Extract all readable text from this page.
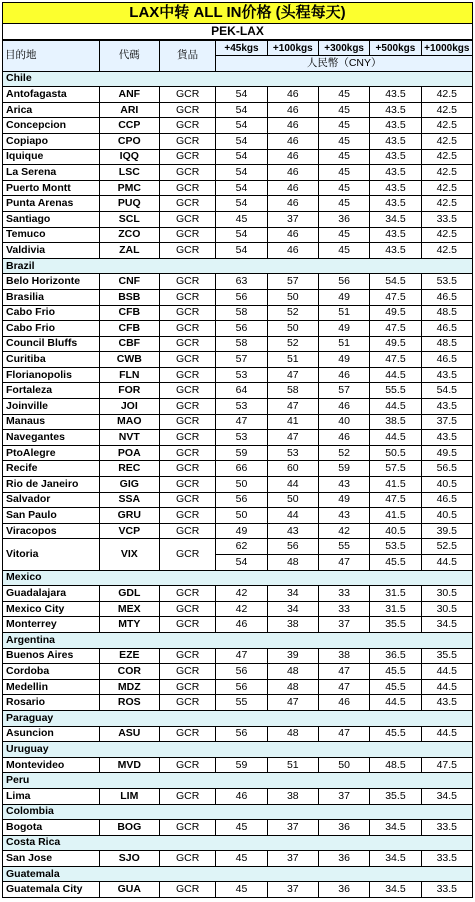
LAX中转 ALL IN价格 (头程每天)
PEK-LAX
目的地	代碼	貨品	+45kgs	+100kgs	+300kgs	+500kgs	+1000kgs
			人民幣（CNY）				
Chile							
Antofagasta	ANF	GCR	54	46	45	43.5	42.5
Arica	ARI	GCR	54	46	45	43.5	42.5
Concepcion	CCP	GCR	54	46	45	43.5	42.5
Copiapo	CPO	GCR	54	46	45	43.5	42.5
Iquique	IQQ	GCR	54	46	45	43.5	42.5
La Serena	LSC	GCR	54	46	45	43.5	42.5
Puerto Montt	PMC	GCR	54	46	45	43.5	42.5
Punta Arenas	PUQ	GCR	54	46	45	43.5	42.5
Santiago	SCL	GCR	45	37	36	34.5	33.5
Temuco	ZCO	GCR	54	46	45	43.5	42.5
Valdivia	ZAL	GCR	54	46	45	43.5	42.5
Brazil							
Belo Horizonte	CNF	GCR	63	57	56	54.5	53.5
Brasilia	BSB	GCR	56	50	49	47.5	46.5
Cabo Frio	CFB	GCR	58	52	51	49.5	48.5
Cabo Frio	CFB	GCR	56	50	49	47.5	46.5
Council Bluffs	CBF	GCR	58	52	51	49.5	48.5
Curitiba	CWB	GCR	57	51	49	47.5	46.5
Florianopolis	FLN	GCR	53	47	46	44.5	43.5
Fortaleza	FOR	GCR	64	58	57	55.5	54.5
Joinville	JOI	GCR	53	47	46	44.5	43.5
Manaus	MAO	GCR	47	41	40	38.5	37.5
Navegantes	NVT	GCR	53	47	46	44.5	43.5
PtoAlegre	POA	GCR	59	53	52	50.5	49.5
Recife	REC	GCR	66	60	59	57.5	56.5
Rio de Janeiro	GIG	GCR	50	44	43	41.5	40.5
Salvador	SSA	GCR	56	50	49	47.5	46.5
San Paulo	GRU	GCR	50	44	43	41.5	40.5
Viracopos	VCP	GCR	49	43	42	40.5	39.5
Vitoria	VIX	GCR	62	56	55	53.5	52.5
			54	48	47	45.5	44.5
Mexico							
Guadalajara	GDL	GCR	42	34	33	31.5	30.5
Mexico City	MEX	GCR	42	34	33	31.5	30.5
Monterrey	MTY	GCR	46	38	37	35.5	34.5
Argentina							
Buenos Aires	EZE	GCR	47	39	38	36.5	35.5
Cordoba	COR	GCR	56	48	47	45.5	44.5
Medellin	MDZ	GCR	56	48	47	45.5	44.5
Rosario	ROS	GCR	55	47	46	44.5	43.5
Paraguay							
Asuncion	ASU	GCR	56	48	47	45.5	44.5
Uruguay							
Montevideo	MVD	GCR	59	51	50	48.5	47.5
Peru							
Lima	LIM	GCR	46	38	37	35.5	34.5
Colombia							
Bogota	BOG	GCR	45	37	36	34.5	33.5
Costa Rica							
San Jose	SJO	GCR	45	37	36	34.5	33.5
Guatemala							
Guatemala City	GUA	GCR	45	37	36	34.5	33.5
